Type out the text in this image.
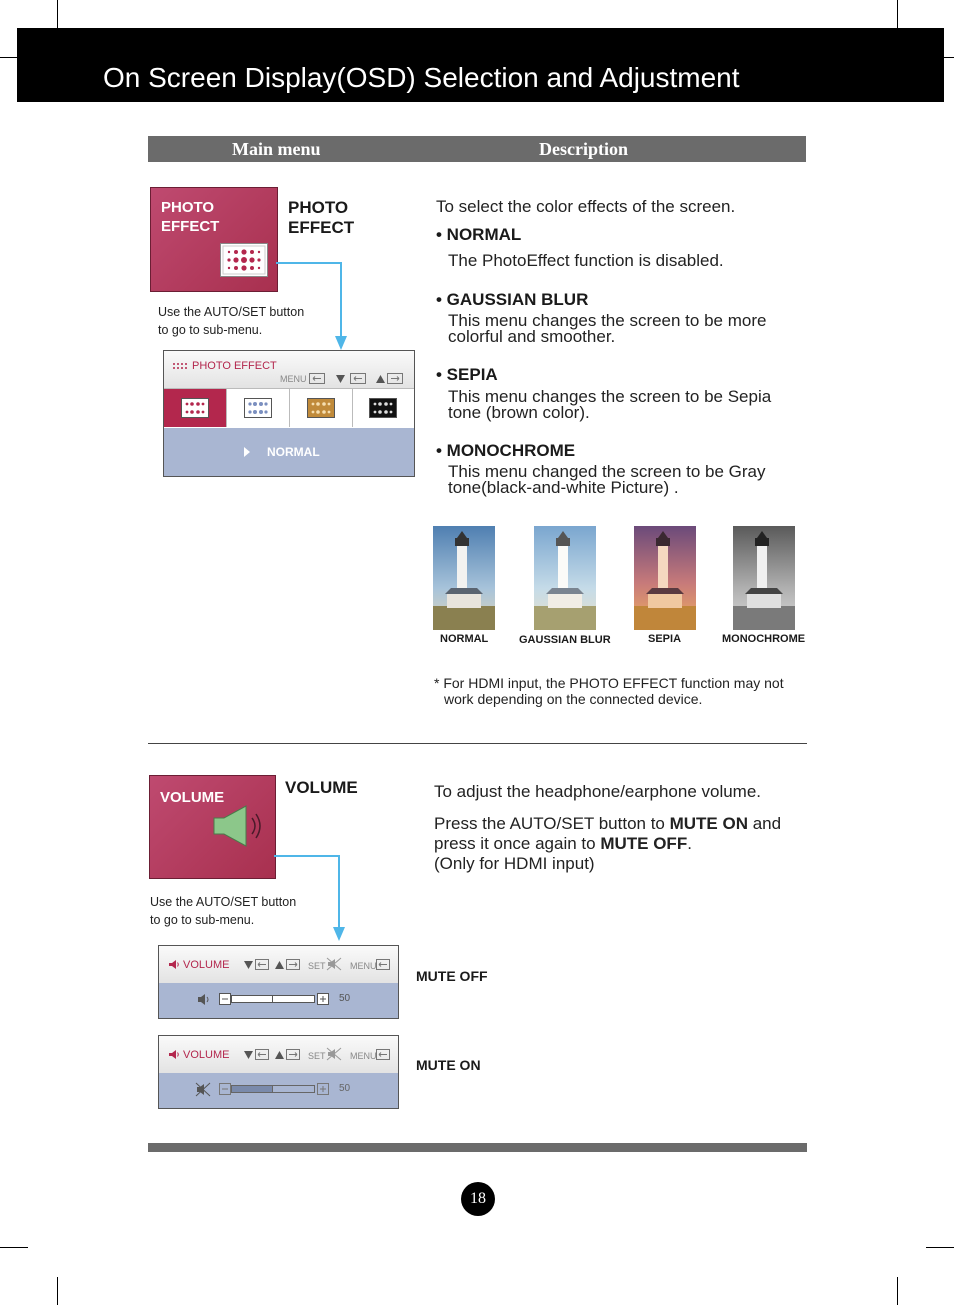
On Screen Display(OSD) Selection and Adjustment
Main menu	Description
PHOTO
EFFECT
PHOTO
EFFECT
Use the AUTO/SET button
to go to sub-menu.
PHOTO EFFECT
MENU
NORMAL
To select the color effects of the screen.
• NORMAL
The PhotoEffect function is disabled.
• GAUSSIAN BLUR
This menu changes the screen to be more colorful and smoother.
• SEPIA
This menu changes the screen to be Sepia tone (brown color).
• MONOCHROME
This menu changed the screen to be Gray tone(black-and-white Picture) .
NORMAL	GAUSSIAN BLUR	SEPIA	MONOCHROME
* For HDMI input, the PHOTO EFFECT function may not work depending on the connected device.
VOLUME
VOLUME
Use the AUTO/SET button
to go to sub-menu.
To adjust the headphone/earphone volume.
Press the AUTO/SET button to MUTE ON and press it once again to MUTE OFF.
(Only for HDMI input)
VOLUME	SET	MENU
50
MUTE OFF
VOLUME	SET	MENU
50
MUTE ON
18
